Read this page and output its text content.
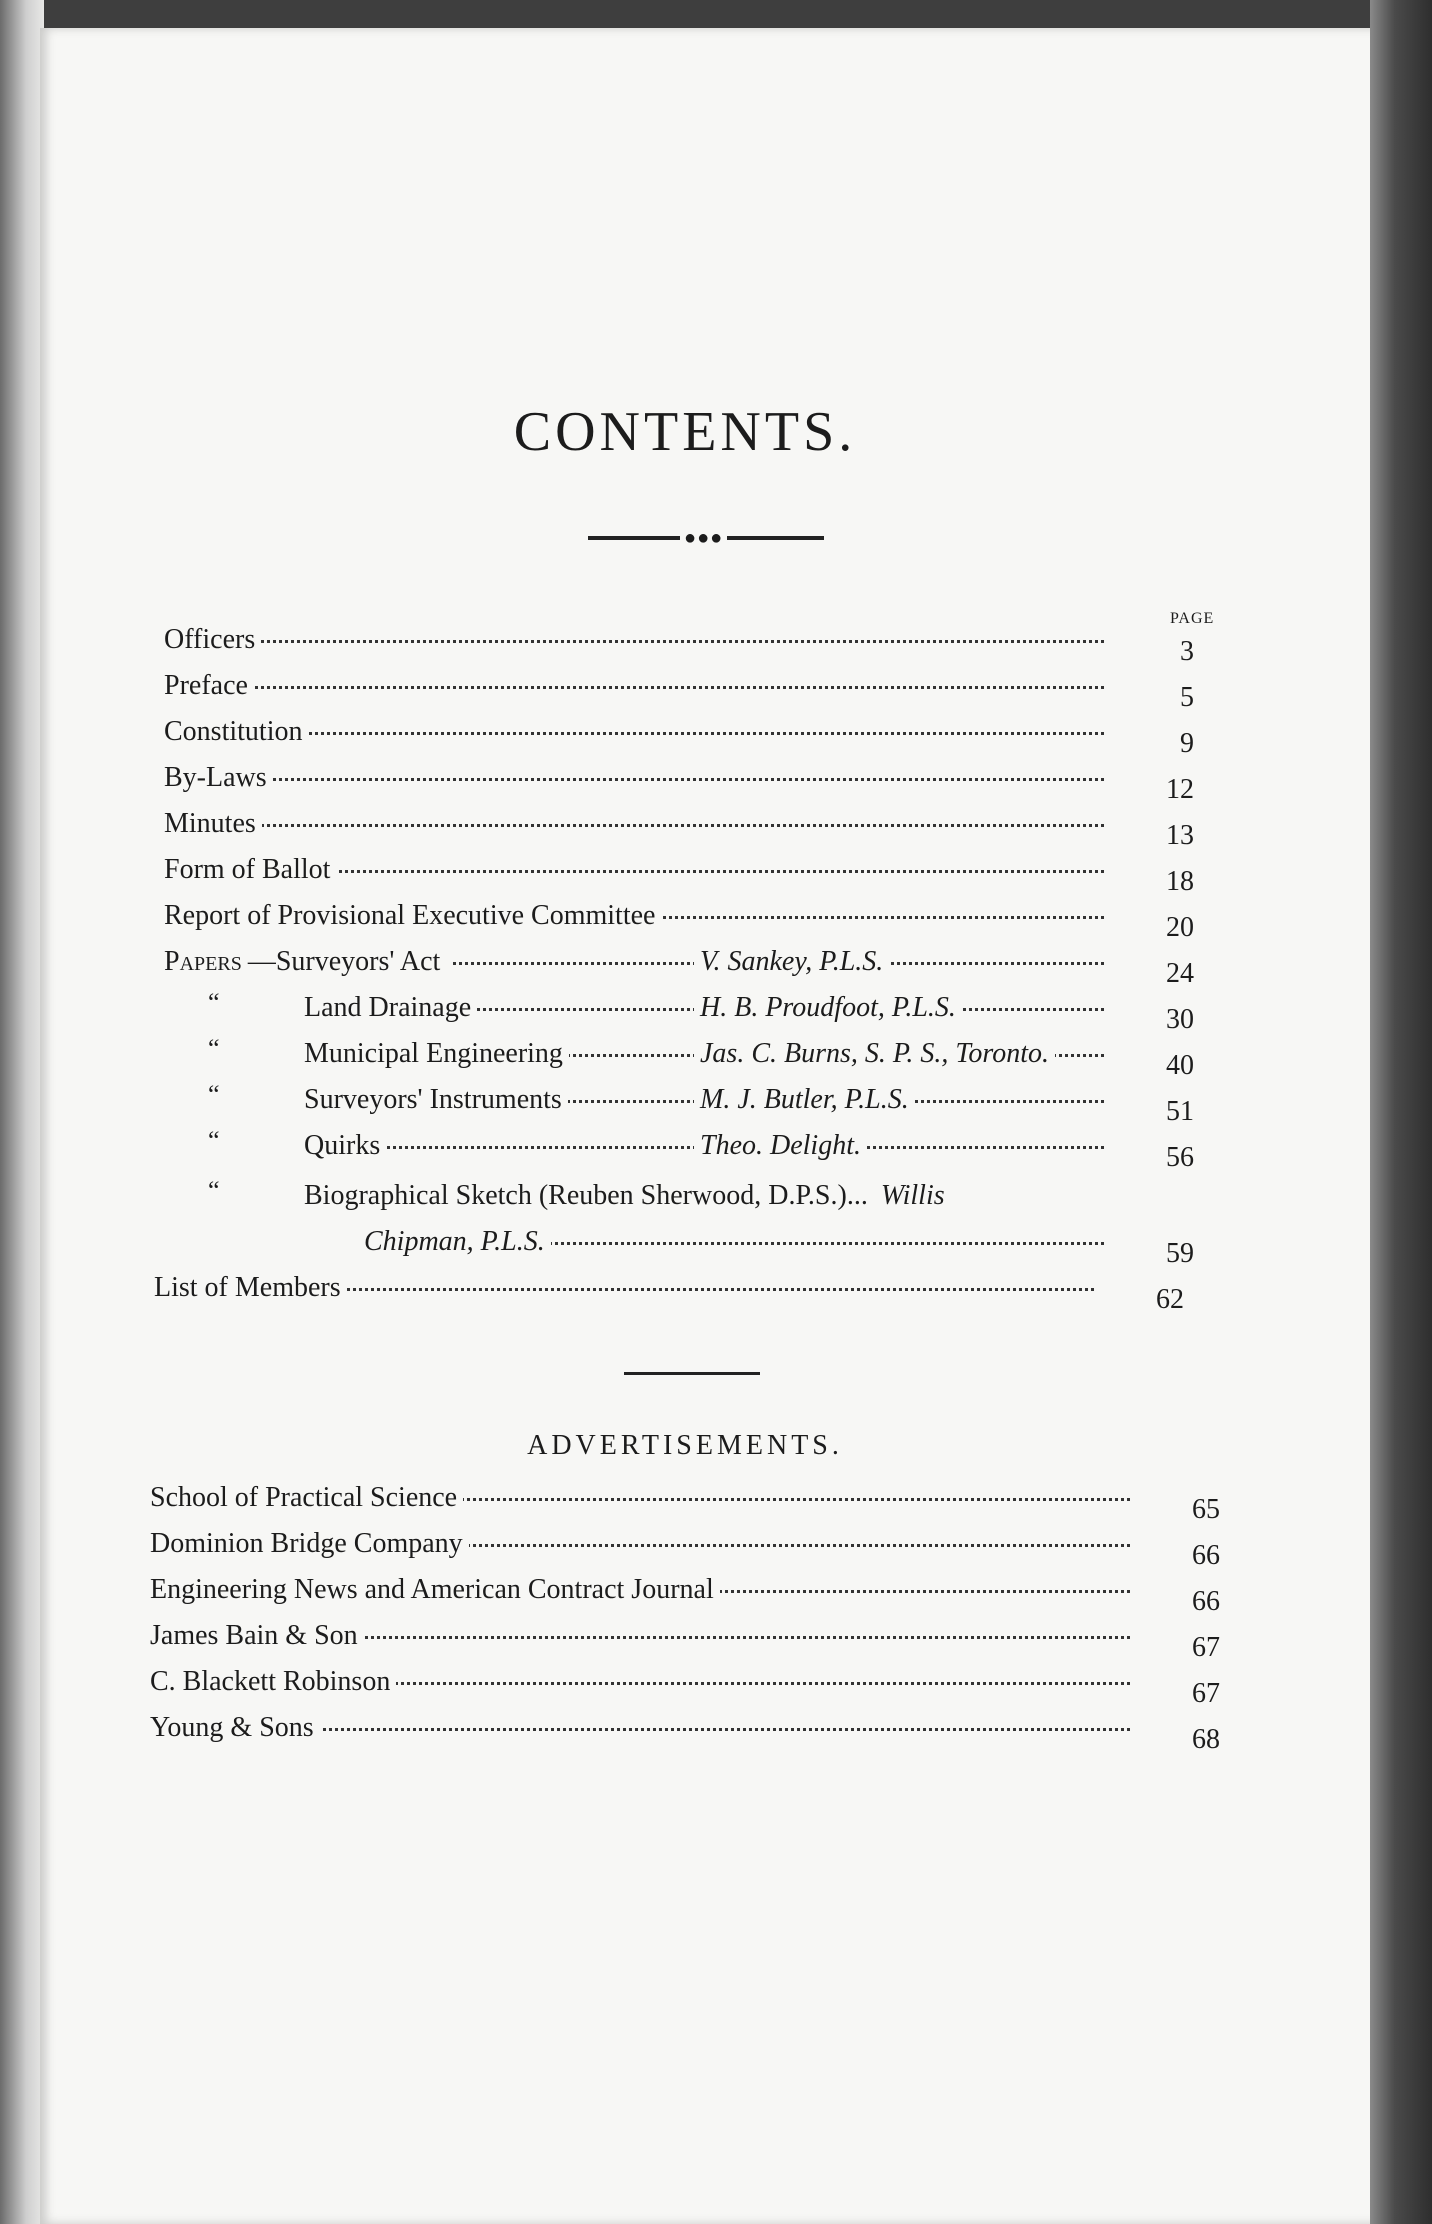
CONTENTS.
●●●
PAGE
Officers	3
Preface	5
Constitution	9
By-Laws	12
Minutes	13
Form of Ballot	18
Report of Provisional Executive Committee	20
Papers —Surveyors' Act	V. Sankey, P.L.S.	24
“	Land Drainage	H. B. Proudfoot, P.L.S.	30
“	Municipal Engineering	Jas. C. Burns, S. P. S., Toronto.	40
“	Surveyors' Instruments	M. J. Butler, P.L.S.	51
“	Quirks	Theo. Delight.	56
“	Biographical Sketch (Reuben Sherwood, D.P.S.)... Willis
Chipman, P.L.S.	59
List of Members	62
ADVERTISEMENTS.
School of Practical Science	65
Dominion Bridge Company	66
Engineering News and American Contract Journal	66
James Bain & Son	67
C. Blackett Robinson	67
Young & Sons	68
